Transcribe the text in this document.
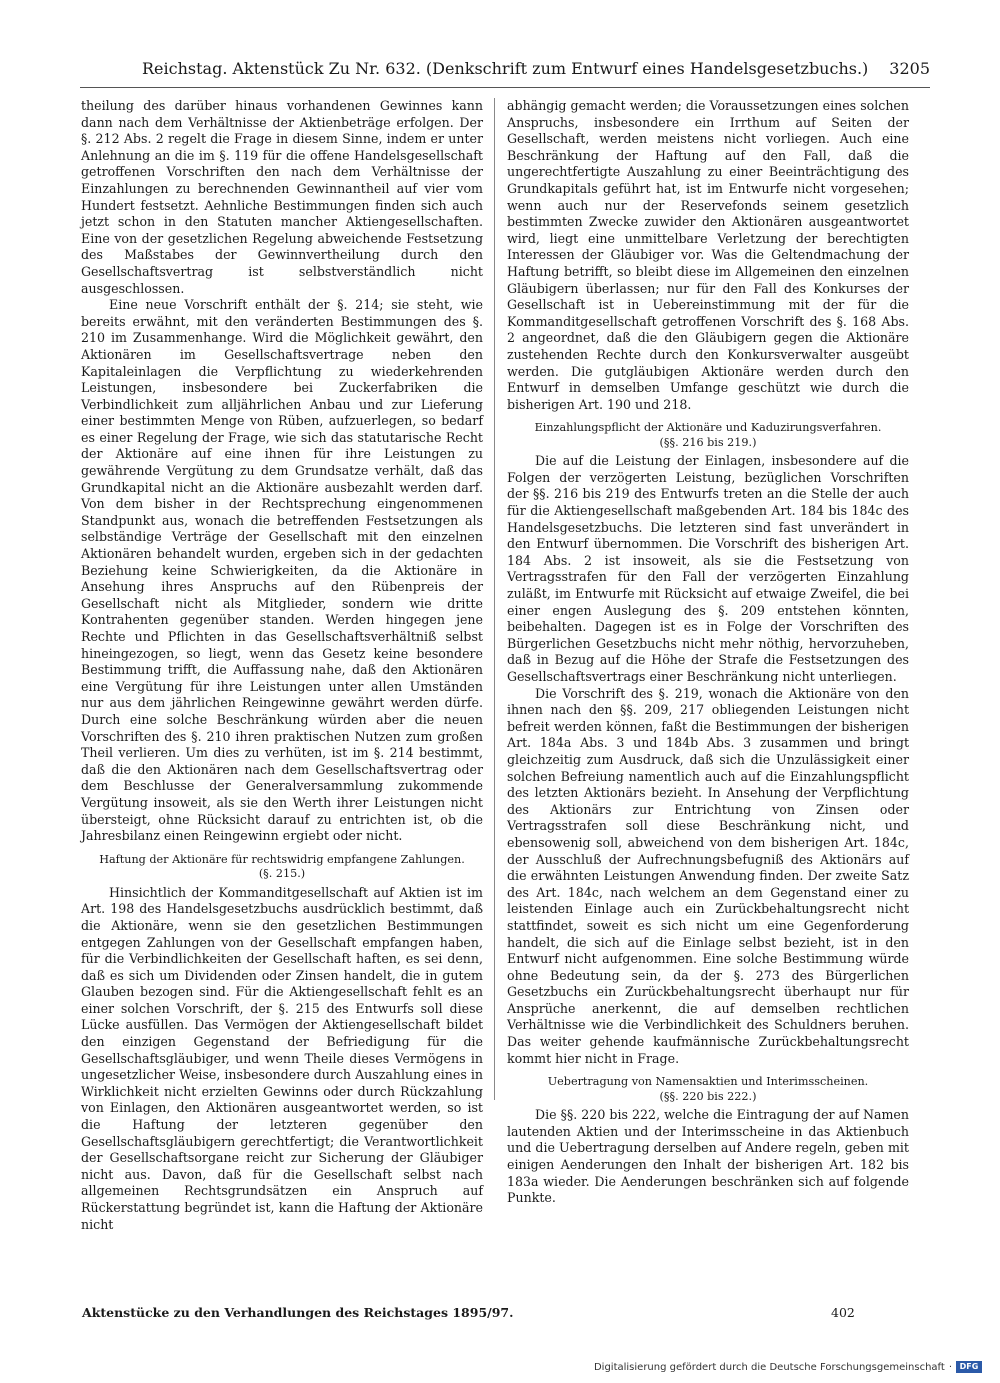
Reichstag. Aktenstück Zu Nr. 632. (Denkschrift zum Entwurf eines Handelsgesetzbuchs.) 3205

theilung des darüber hinaus vorhandenen Gewinnes kann dann nach dem Verhältnisse der Aktienbeträge erfolgen. Der §. 212 Abs. 2 regelt die Frage in diesem Sinne, indem er unter Anlehnung an die im §. 119 für die offene Handelsgesellschaft getroffenen Vorschriften den nach dem Verhältnisse der Einzahlungen zu berechnenden Gewinnantheil auf vier vom Hundert festsetzt. Aehnliche Bestimmungen finden sich auch jetzt schon in den Statuten mancher Aktiengesellschaften. Eine von der gesetzlichen Regelung abweichende Festsetzung des Maßstabes der Gewinnvertheilung durch den Gesellschaftsvertrag ist selbstverständlich nicht ausgeschlossen.

Eine neue Vorschrift enthält der §. 214; sie steht, wie bereits erwähnt, mit den veränderten Bestimmungen des §. 210 im Zusammenhange. Wird die Möglichkeit gewährt, den Aktionären im Gesellschaftsvertrage neben den Kapitaleinlagen die Verpflichtung zu wiederkehrenden Leistungen, insbesondere bei Zuckerfabriken die Verbindlichkeit zum alljährlichen Anbau und zur Lieferung einer bestimmten Menge von Rüben, aufzuerlegen, so bedarf es einer Regelung der Frage, wie sich das statutarische Recht der Aktionäre auf eine ihnen für ihre Leistungen zu gewährende Vergütung zu dem Grundsatze verhält, daß das Grundkapital nicht an die Aktionäre ausbezahlt werden darf. Von dem bisher in der Rechtsprechung eingenommenen Standpunkt aus, wonach die betreffenden Festsetzungen als selbständige Verträge der Gesellschaft mit den einzelnen Aktionären behandelt wurden, ergeben sich in der gedachten Beziehung keine Schwierigkeiten, da die Aktionäre in Ansehung ihres Anspruchs auf den Rübenpreis der Gesellschaft nicht als Mitglieder, sondern wie dritte Kontrahenten gegenüber standen. Werden hingegen jene Rechte und Pflichten in das Gesellschaftsverhältniß selbst hineingezogen, so liegt, wenn das Gesetz keine besondere Bestimmung trifft, die Auffassung nahe, daß den Aktionären eine Vergütung für ihre Leistungen unter allen Umständen nur aus dem jährlichen Reingewinne gewährt werden dürfe. Durch eine solche Beschränkung würden aber die neuen Vorschriften des §. 210 ihren praktischen Nutzen zum großen Theil verlieren. Um dies zu verhüten, ist im §. 214 bestimmt, daß die den Aktionären nach dem Gesellschaftsvertrag oder dem Beschlusse der Generalversammlung zukommende Vergütung insoweit, als sie den Werth ihrer Leistungen nicht übersteigt, ohne Rücksicht darauf zu entrichten ist, ob die Jahresbilanz einen Reingewinn ergiebt oder nicht.

Haftung der Aktionäre für rechtswidrig empfangene Zahlungen.
(§. 215.)

Hinsichtlich der Kommanditgesellschaft auf Aktien ist im Art. 198 des Handelsgesetzbuchs ausdrücklich bestimmt, daß die Aktionäre, wenn sie den gesetzlichen Bestimmungen entgegen Zahlungen von der Gesellschaft empfangen haben, für die Verbindlichkeiten der Gesellschaft haften, es sei denn, daß es sich um Dividenden oder Zinsen handelt, die in gutem Glauben bezogen sind. Für die Aktiengesellschaft fehlt es an einer solchen Vorschrift, der §. 215 des Entwurfs soll diese Lücke ausfüllen. Das Vermögen der Aktiengesellschaft bildet den einzigen Gegenstand der Befriedigung für die Gesellschaftsgläubiger, und wenn Theile dieses Vermögens in ungesetzlicher Weise, insbesondere durch Auszahlung eines in Wirklichkeit nicht erzielten Gewinns oder durch Rückzahlung von Einlagen, den Aktionären ausgeantwortet werden, so ist die Haftung der letzteren gegenüber den Gesellschaftsgläubigern gerechtfertigt; die Verantwortlichkeit der Gesellschaftsorgane reicht zur Sicherung der Gläubiger nicht aus. Davon, daß für die Gesellschaft selbst nach allgemeinen Rechtsgrundsätzen ein Anspruch auf Rückerstattung begründet ist, kann die Haftung der Aktionäre nicht

abhängig gemacht werden; die Voraussetzungen eines solchen Anspruchs, insbesondere ein Irrthum auf Seiten der Gesellschaft, werden meistens nicht vorliegen. Auch eine Beschränkung der Haftung auf den Fall, daß die ungerechtfertigte Auszahlung zu einer Beeinträchtigung des Grundkapitals geführt hat, ist im Entwurfe nicht vorgesehen; wenn auch nur der Reservefonds seinem gesetzlich bestimmten Zwecke zuwider den Aktionären ausgeantwortet wird, liegt eine unmittelbare Verletzung der berechtigten Interessen der Gläubiger vor. Was die Geltendmachung der Haftung betrifft, so bleibt diese im Allgemeinen den einzelnen Gläubigern überlassen; nur für den Fall des Konkurses der Gesellschaft ist in Uebereinstimmung mit der für die Kommanditgesellschaft getroffenen Vorschrift des §. 168 Abs. 2 angeordnet, daß die den Gläubigern gegen die Aktionäre zustehenden Rechte durch den Konkursverwalter ausgeübt werden. Die gutgläubigen Aktionäre werden durch den Entwurf in demselben Umfange geschützt wie durch die bisherigen Art. 190 und 218.

Einzahlungspflicht der Aktionäre und Kaduzirungsverfahren.
(§§. 216 bis 219.)

Die auf die Leistung der Einlagen, insbesondere auf die Folgen der verzögerten Leistung, bezüglichen Vorschriften der §§. 216 bis 219 des Entwurfs treten an die Stelle der auch für die Aktiengesellschaft maßgebenden Art. 184 bis 184c des Handelsgesetzbuchs. Die letzteren sind fast unverändert in den Entwurf übernommen. Die Vorschrift des bisherigen Art. 184 Abs. 2 ist insoweit, als sie die Festsetzung von Vertragsstrafen für den Fall der verzögerten Einzahlung zuläßt, im Entwurfe mit Rücksicht auf etwaige Zweifel, die bei einer engen Auslegung des §. 209 entstehen könnten, beibehalten. Dagegen ist es in Folge der Vorschriften des Bürgerlichen Gesetzbuchs nicht mehr nöthig, hervorzuheben, daß in Bezug auf die Höhe der Strafe die Festsetzungen des Gesellschaftsvertrags einer Beschränkung nicht unterliegen.

Die Vorschrift des §. 219, wonach die Aktionäre von den ihnen nach den §§. 209, 217 obliegenden Leistungen nicht befreit werden können, faßt die Bestimmungen der bisherigen Art. 184a Abs. 3 und 184b Abs. 3 zusammen und bringt gleichzeitig zum Ausdruck, daß sich die Unzulässigkeit einer solchen Befreiung namentlich auch auf die Einzahlungspflicht des letzten Aktionärs bezieht. In Ansehung der Verpflichtung des Aktionärs zur Entrichtung von Zinsen oder Vertragsstrafen soll diese Beschränkung nicht, und ebensowenig soll, abweichend von dem bisherigen Art. 184c, der Ausschluß der Aufrechnungsbefugniß des Aktionärs auf die erwähnten Leistungen Anwendung finden. Der zweite Satz des Art. 184c, nach welchem an dem Gegenstand einer zu leistenden Einlage auch ein Zurückbehaltungsrecht nicht stattfindet, soweit es sich nicht um eine Gegenforderung handelt, die sich auf die Einlage selbst bezieht, ist in den Entwurf nicht aufgenommen. Eine solche Bestimmung würde ohne Bedeutung sein, da der §. 273 des Bürgerlichen Gesetzbuchs ein Zurückbehaltungsrecht überhaupt nur für Ansprüche anerkennt, die auf demselben rechtlichen Verhältnisse wie die Verbindlichkeit des Schuldners beruhen. Das weiter gehende kaufmännische Zurückbehaltungsrecht kommt hier nicht in Frage.

Uebertragung von Namensaktien und Interimsscheinen.
(§§. 220 bis 222.)

Die §§. 220 bis 222, welche die Eintragung der auf Namen lautenden Aktien und der Interimsscheine in das Aktienbuch und die Uebertragung derselben auf Andere regeln, geben mit einigen Aenderungen den Inhalt der bisherigen Art. 182 bis 183a wieder. Die Aenderungen beschränken sich auf folgende Punkte.

Aktenstücke zu den Verhandlungen des Reichstages 1895/97.	402
Digitalisierung gefördert durch die Deutsche Forschungsgemeinschaft · DFG
